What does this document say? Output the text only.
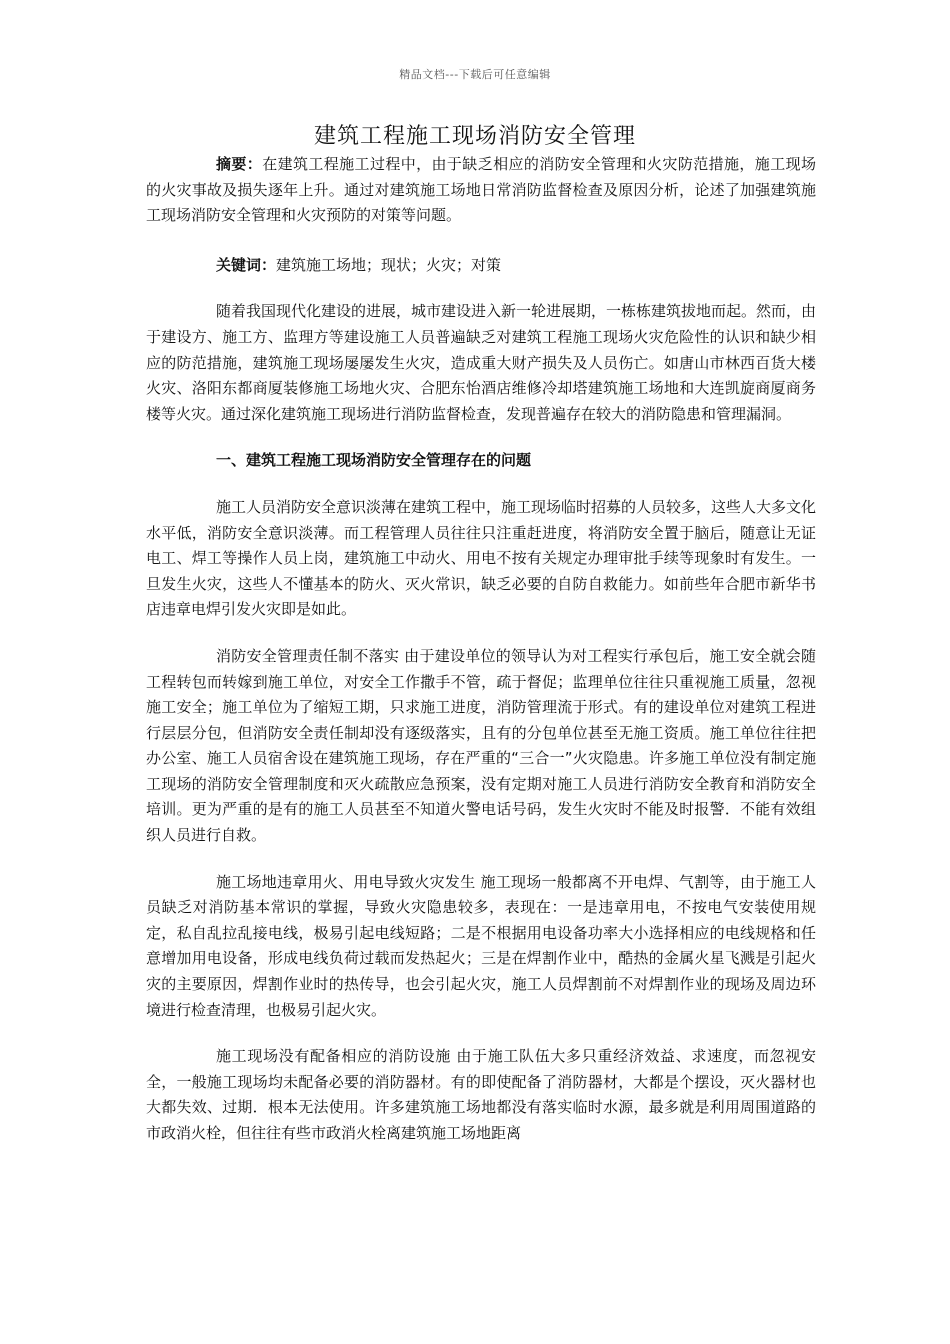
精品文档---下载后可任意编辑
建筑工程施工现场消防安全管理

摘要：在建筑工程施工过程中，由于缺乏相应的消防安全管理和火灾防范措施，施工现场的火灾事故及损失逐年上升。通过对建筑施工场地日常消防监督检查及原因分析，论述了加强建筑施工现场消防安全管理和火灾预防的对策等问题。

关键词：建筑施工场地；现状；火灾；对策

随着我国现代化建设的进展，城市建设进入新一轮进展期，一栋栋建筑拔地而起。然而，由于建设方、施工方、监理方等建设施工人员普遍缺乏对建筑工程施工现场火灾危险性的认识和缺少相应的防范措施，建筑施工现场屡屡发生火灾，造成重大财产损失及人员伤亡。如唐山市林西百货大楼火灾、洛阳东都商厦装修施工场地火灾、合肥东怡酒店维修冷却塔建筑施工场地和大连凯旋商厦商务楼等火灾。通过深化建筑施工现场进行消防监督检查，发现普遍存在较大的消防隐患和管理漏洞。

一、建筑工程施工现场消防安全管理存在的问题

施工人员消防安全意识淡薄在建筑工程中，施工现场临时招募的人员较多，这些人大多文化水平低，消防安全意识淡薄。而工程管理人员往往只注重赶进度，将消防安全置于脑后，随意让无证电工、焊工等操作人员上岗，建筑施工中动火、用电不按有关规定办理审批手续等现象时有发生。一旦发生火灾，这些人不懂基本的防火、灭火常识，缺乏必要的自防自救能力。如前些年合肥市新华书店违章电焊引发火灾即是如此。

消防安全管理责任制不落实 由于建设单位的领导认为对工程实行承包后，施工安全就会随工程转包而转嫁到施工单位，对安全工作撒手不管，疏于督促；监理单位往往只重视施工质量，忽视施工安全；施工单位为了缩短工期，只求施工进度，消防管理流于形式。有的建设单位对建筑工程进行层层分包，但消防安全责任制却没有逐级落实，且有的分包单位甚至无施工资质。施工单位往往把办公室、施工人员宿舍设在建筑施工现场，存在严重的“三合一”火灾隐患。许多施工单位没有制定施工现场的消防安全管理制度和灭火疏散应急预案，没有定期对施工人员进行消防安全教育和消防安全培训。更为严重的是有的施工人员甚至不知道火警电话号码，发生火灾时不能及时报警．不能有效组织人员进行自救。

施工场地违章用火、用电导致火灾发生 施工现场一般都离不开电焊、气割等，由于施工人员缺乏对消防基本常识的掌握，导致火灾隐患较多，表现在：一是违章用电，不按电气安装使用规定，私自乱拉乱接电线，极易引起电线短路；二是不根据用电设备功率大小选择相应的电线规格和任意增加用电设备，形成电线负荷过载而发热起火；三是在焊割作业中，酷热的金属火星飞溅是引起火灾的主要原因，焊割作业时的热传导，也会引起火灾，施工人员焊割前不对焊割作业的现场及周边环境进行检查清理，也极易引起火灾。

施工现场没有配备相应的消防设施 由于施工队伍大多只重经济效益、求速度，而忽视安全，一般施工现场均未配备必要的消防器材。有的即使配备了消防器材，大都是个摆设，灭火器材也大都失效、过期．根本无法使用。许多建筑施工场地都没有落实临时水源，最多就是利用周围道路的市政消火栓，但往往有些市政消火栓离建筑施工场地距离
